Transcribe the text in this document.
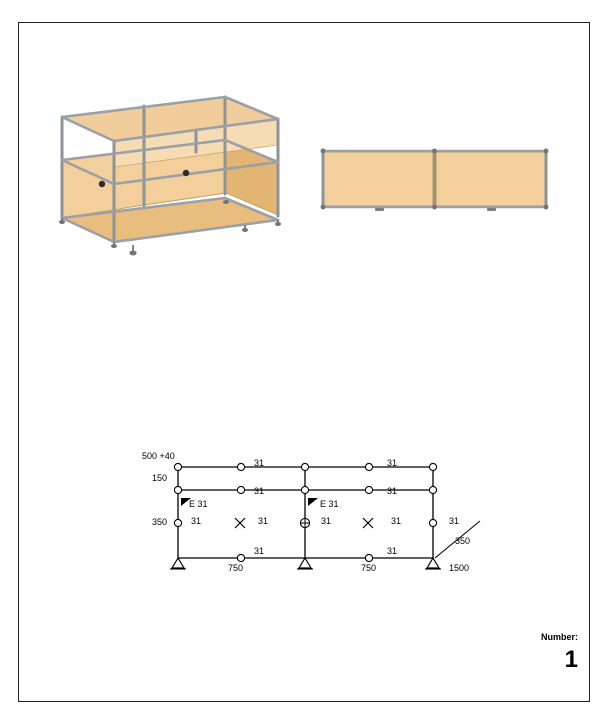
500 +40
150
350
750	750	1500
350
31	31
31	31
31	31	31	31	31
31	31
E 31	E 31
Number:
1
